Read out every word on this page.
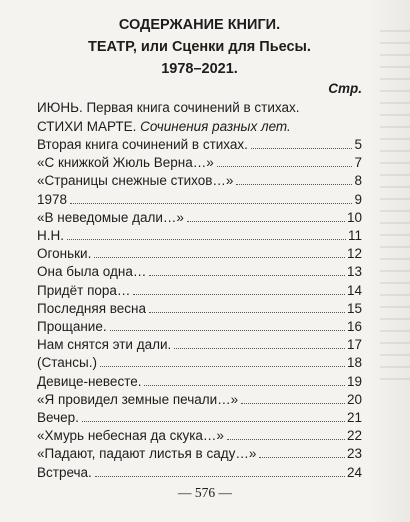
СОДЕРЖАНИЕ КНИГИ.

ТЕАТР, или Сценки для Пьесы.

1978–2021.

Стр.
ИЮНЬ. Первая книга сочинений в стихах.
СТИХИ МАРТЕ. Сочинения разных лет.
Вторая книга сочинений в стихах.	5
«С книжкой Жюль Верна…»	7
«Страницы снежные стихов…»	8
1978	9
«В неведомые дали…»	10
Н.Н.	11
Огоньки.	12
Она была одна…	13
Придёт пора…	14
Последняя весна	15
Прощание.	16
Нам снятся эти дали.	17
(Стансы.)	18
Девице-невесте.	19
«Я провидел земные печали…»	20
Вечер.	21
«Хмурь небесная да скука…»	22
«Падают, падают листья в саду…»	23
Встреча.	24
— 576 —
